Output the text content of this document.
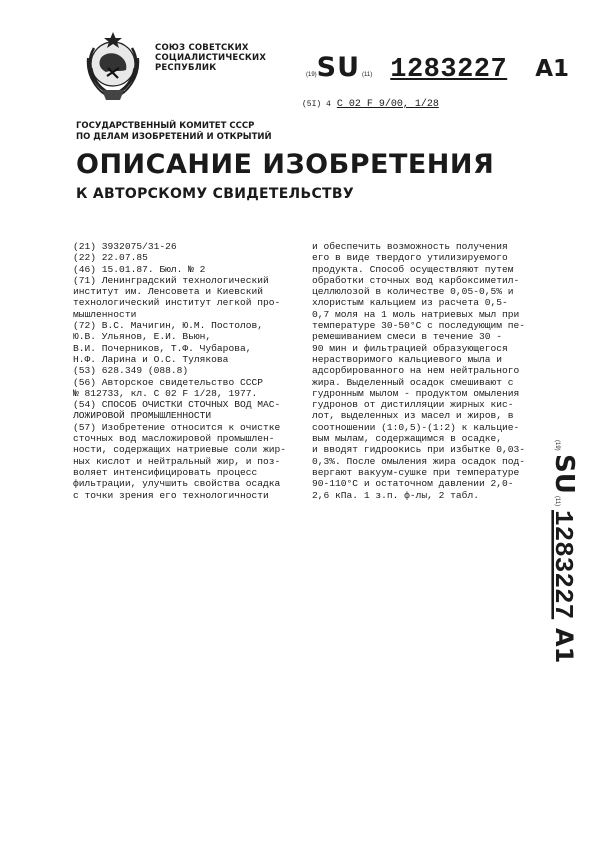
СОЮЗ СОВЕТСКИХ
СОЦИАЛИСТИЧЕСКИХ
РЕСПУБЛИК
(19)SU (11) 1283227 A1
(5I) 4 C 02 F 9/00, 1/28
ГОСУДАРСТВЕННЫЙ КОМИТЕТ СССР
ПО ДЕЛАМ ИЗОБРЕТЕНИЙ И ОТКРЫТИЙ
ОПИСАНИЕ ИЗОБРЕТЕНИЯ
К АВТОРСКОМУ СВИДЕТЕЛЬСТВУ
(21) 3932075/31-26
(22) 22.07.85
(46) 15.01.87. Бюл. № 2
(71) Ленинградский технологический
институт им. Ленсовета и Киевский
технологический институт легкой про-
мышленности
(72) В.С. Мачигин, Ю.М. Постолов,
Ю.В. Ульянов, Е.И. Вьюн,
В.И. Почерников, Т.Ф. Чубарова,
Н.Ф. Ларина и О.С. Тулякова
(53) 628.349 (088.8)
(56) Авторское свидетельство СССР
№ 812733, кл. С 02 F 1/28, 1977.
(54) СПОСОБ ОЧИСТКИ СТОЧНЫХ ВОД МАС-
ЛОЖИРОВОЙ ПРОМЫШЛЕННОСТИ
(57) Изобретение относится к очистке
сточных вод масложировой промышлен-
ности, содержащих натриевые соли жир-
ных кислот и нейтральный жир, и поз-
воляет интенсифицировать процесс
фильтрации, улучшить свойства осадка
с точки зрения его технологичности
и обеспечить возможность получения
его в виде твердого утилизируемого
продукта. Способ осуществляют путем
обработки сточных вод карбоксиметил-
целлюлозой в количестве 0,05-0,5% и
хлористым кальцием из расчета 0,5-
0,7 моля на 1 моль натриевых мыл при
температуре 30-50°С с последующим пе-
ремешиванием смеси в течение 30 -
90 мин и фильтрацией образующегося
нерастворимого кальциевого мыла и
адсорбированного на нем нейтрального
жира. Выделенный осадок смешивают с
гудронным мылом - продуктом омыления
гудронов от дистилляции жирных кис-
лот, выделенных из масел и жиров, в
соотношении (1:0,5)-(1:2) к кальцие-
вым мылам, содержащимся в осадке,
и вводят гидроокись при избытке 0,03-
0,3%. После омыления жира осадок под-
вергают вакуум-сушке при температуре
90-110°С и остаточном давлении 2,0-
2,6 кПа. 1 з.п. ф-лы, 2 табл.
(19)
SU
(11)
1283227
A1
